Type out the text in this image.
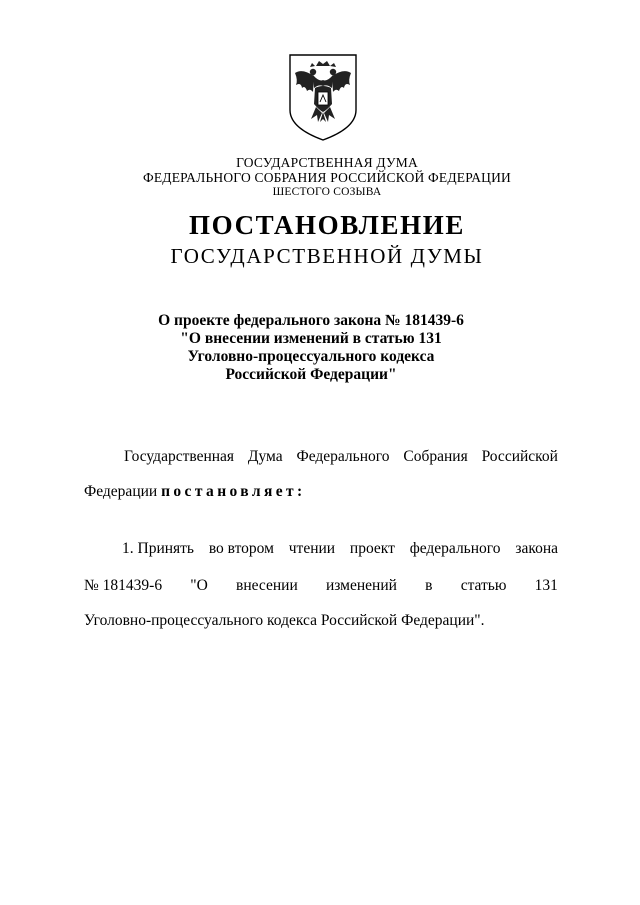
ГОСУДАРСТВЕННАЯ ДУМА
ФЕДЕРАЛЬНОГО СОБРАНИЯ РОССИЙСКОЙ ФЕДЕРАЦИИ
ШЕСТОГО СОЗЫВА
ПОСТАНОВЛЕНИЕ
ГОСУДАРСТВЕННОЙ ДУМЫ
О проекте федерального закона № 181439-6
"О внесении изменений в статью 131
Уголовно-процессуального кодекса
Российской Федерации"
Государственная Дума Федерального Собрания Российской
Федерации постановляет:
1. Принять во втором чтении проект федерального закона
№ 181439-6 "О внесении изменений в статью 131
Уголовно-процессуального кодекса Российской Федерации".
